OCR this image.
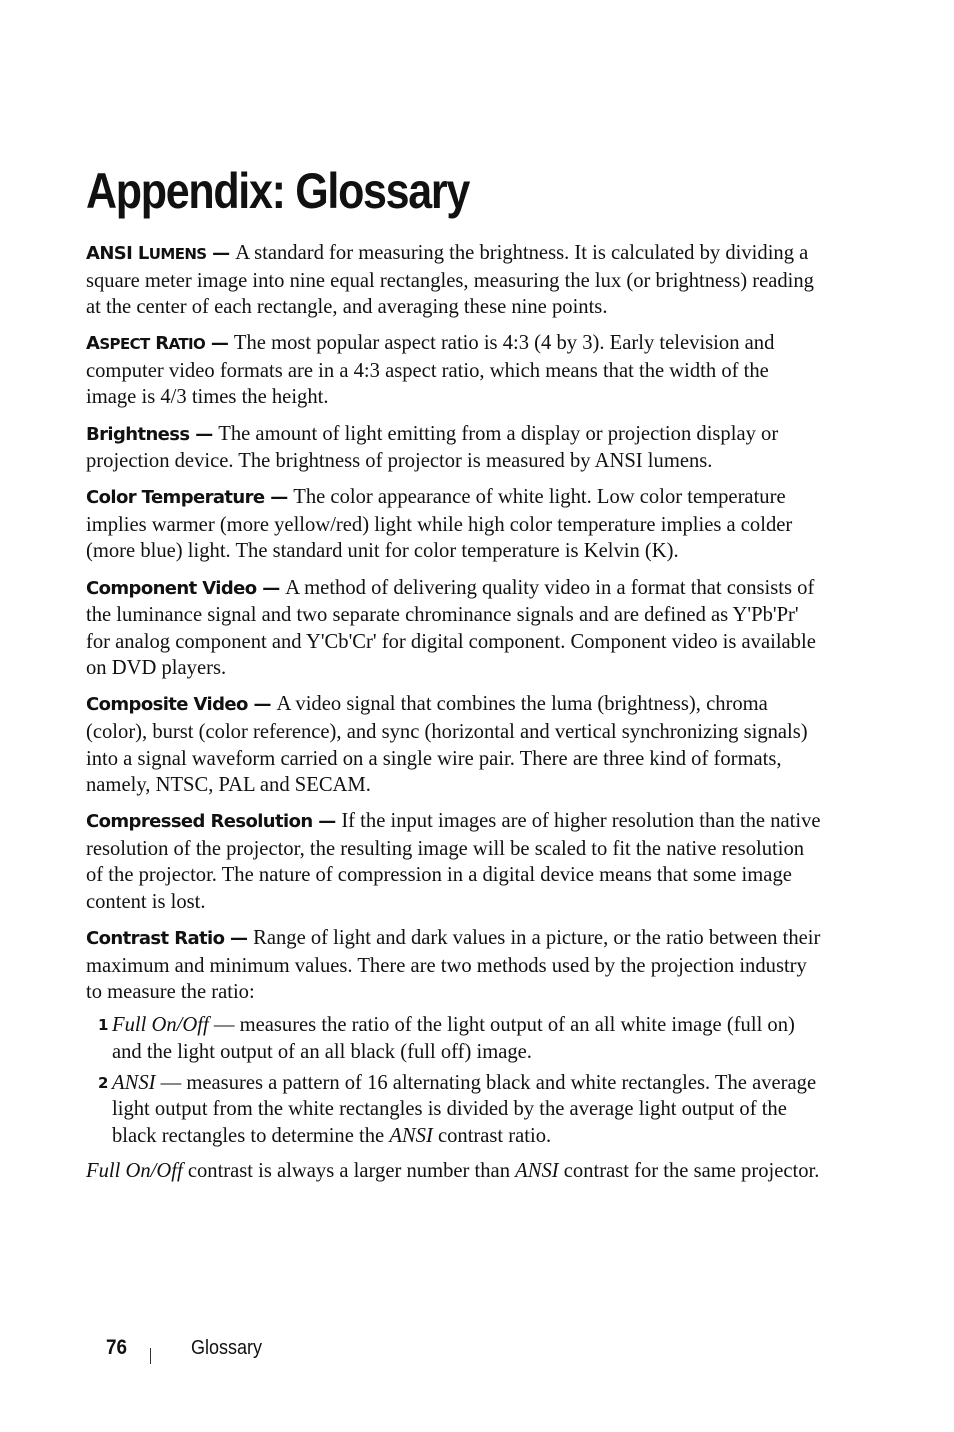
Appendix: Glossary

ANSI LUMENS — A standard for measuring the brightness. It is calculated by dividing a square meter image into nine equal rectangles, measuring the lux (or brightness) reading at the center of each rectangle, and averaging these nine points.

ASPECT RATIO — The most popular aspect ratio is 4:3 (4 by 3). Early television and computer video formats are in a 4:3 aspect ratio, which means that the width of the image is 4/3 times the height.

Brightness — The amount of light emitting from a display or projection display or projection device. The brightness of projector is measured by ANSI lumens.

Color Temperature — The color appearance of white light. Low color temperature implies warmer (more yellow/red) light while high color temperature implies a colder (more blue) light. The standard unit for color temperature is Kelvin (K).

Component Video — A method of delivering quality video in a format that consists of the luminance signal and two separate chrominance signals and are defined as Y'Pb'Pr' for analog component and Y'Cb'Cr' for digital component. Component video is available on DVD players.

Composite Video — A video signal that combines the luma (brightness), chroma (color), burst (color reference), and sync (horizontal and vertical synchronizing signals) into a signal waveform carried on a single wire pair. There are three kind of formats, namely, NTSC, PAL and SECAM.

Compressed Resolution — If the input images are of higher resolution than the native resolution of the projector, the resulting image will be scaled to fit the native resolution of the projector. The nature of compression in a digital device means that some image content is lost.

Contrast Ratio — Range of light and dark values in a picture, or the ratio between their maximum and minimum values. There are two methods used by the projection industry to measure the ratio:

1 Full On/Off — measures the ratio of the light output of an all white image (full on) and the light output of an all black (full off) image.
2 ANSI — measures a pattern of 16 alternating black and white rectangles. The average light output from the white rectangles is divided by the average light output of the black rectangles to determine the ANSI contrast ratio.

Full On/Off contrast is always a larger number than ANSI contrast for the same projector.

76	Glossary
